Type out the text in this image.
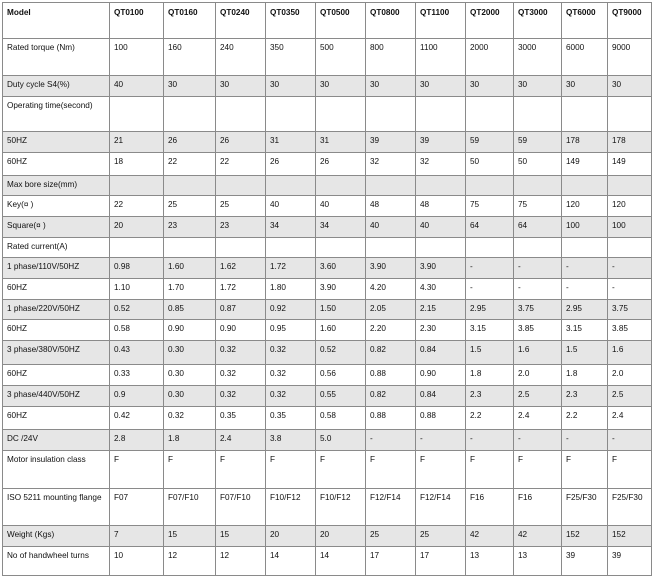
Model	QT0100	QT0160	QT0240	QT0350	QT0500	QT0800	QT1100	QT2000	QT3000	QT6000	QT9000
Rated torque (Nm)	100	160	240	350	500	800	1100	2000	3000	6000	9000
Duty cycle S4(%)	40	30	30	30	30	30	30	30	30	30	30
Operating time(second)											
50HZ	21	26	26	31	31	39	39	59	59	178	178
60HZ	18	22	22	26	26	32	32	50	50	149	149
Max bore size(mm)											
Key(¤ )	22	25	25	40	40	48	48	75	75	120	120
Square(¤ )	20	23	23	34	34	40	40	64	64	100	100
Rated current(A)											
1 phase/110V/50HZ	0.98	1.60	1.62	1.72	3.60	3.90	3.90	-	-	-	-
60HZ	1.10	1.70	1.72	1.80	3.90	4.20	4.30	-	-	-	-
1 phase/220V/50HZ	0.52	0.85	0.87	0.92	1.50	2.05	2.15	2.95	3.75	2.95	3.75
60HZ	0.58	0.90	0.90	0.95	1.60	2.20	2.30	3.15	3.85	3.15	3.85
3 phase/380V/50HZ	0.43	0.30	0.32	0.32	0.52	0.82	0.84	1.5	1.6	1.5	1.6
60HZ	0.33	0.30	0.32	0.32	0.56	0.88	0.90	1.8	2.0	1.8	2.0
3 phase/440V/50HZ	0.9	0.30	0.32	0.32	0.55	0.82	0.84	2.3	2.5	2.3	2.5
60HZ	0.42	0.32	0.35	0.35	0.58	0.88	0.88	2.2	2.4	2.2	2.4
DC /24V	2.8	1.8	2.4	3.8	5.0	-	-	-	-	-	-
Motor insulation class	F	F	F	F	F	F	F	F	F	F	F
ISO 5211 mounting flange	F07	F07/F10	F07/F10	F10/F12	F10/F12	F12/F14	F12/F14	F16	F16	F25/F30	F25/F30
Weight (Kgs)	7	15	15	20	20	25	25	42	42	152	152
No of handwheel turns	10	12	12	14	14	17	17	13	13	39	39
